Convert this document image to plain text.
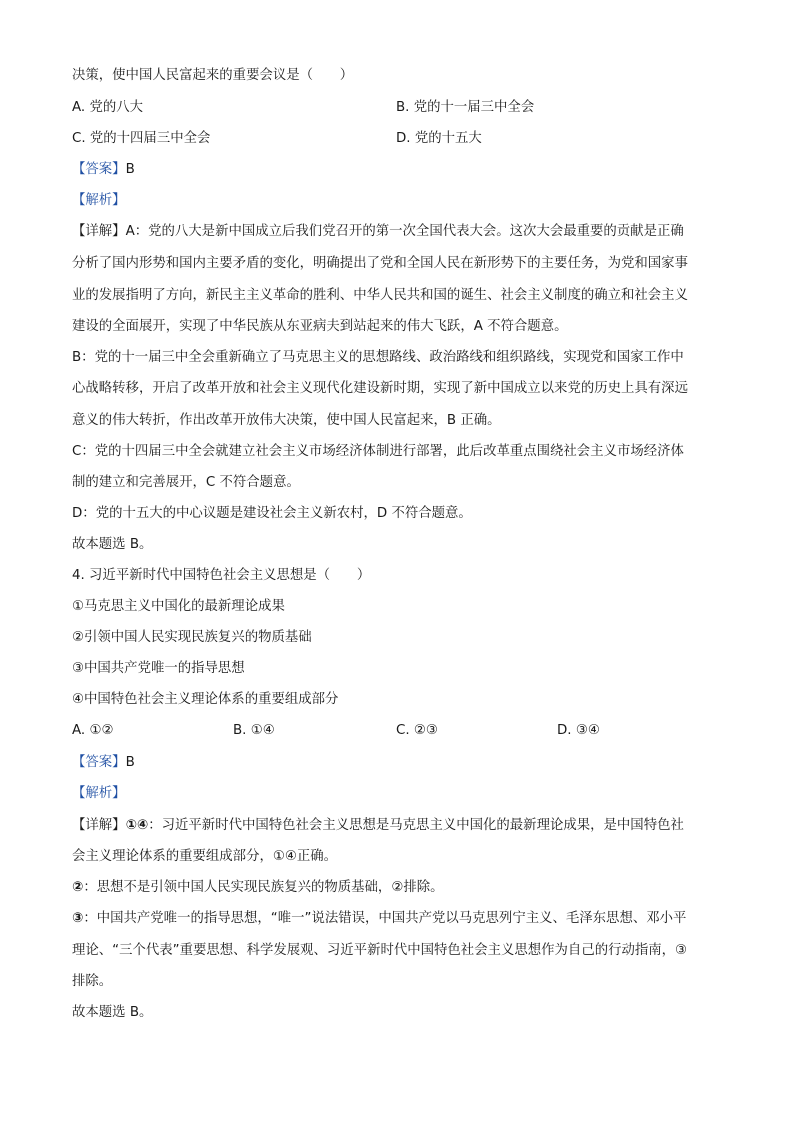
决策，使中国人民富起来的重要会议是（　　）
A. 党的八大	B. 党的十一届三中全会
C. 党的十四届三中全会	D. 党的十五大
【答案】B
【解析】
【详解】A：党的八大是新中国成立后我们党召开的第一次全国代表大会。这次大会最重要的贡献是正确
分析了国内形势和国内主要矛盾的变化，明确提出了党和全国人民在新形势下的主要任务，为党和国家事
业的发展指明了方向，新民主主义革命的胜利、中华人民共和国的诞生、社会主义制度的确立和社会主义
建设的全面展开，实现了中华民族从东亚病夫到站起来的伟大飞跃，A 不符合题意。
B：党的十一届三中全会重新确立了马克思主义的思想路线、政治路线和组织路线，实现党和国家工作中
心战略转移，开启了改革开放和社会主义现代化建设新时期，实现了新中国成立以来党的历史上具有深远
意义的伟大转折，作出改革开放伟大决策，使中国人民富起来，B 正确。
C：党的十四届三中全会就建立社会主义市场经济体制进行部署，此后改革重点围绕社会主义市场经济体
制的建立和完善展开，C 不符合题意。
D：党的十五大的中心议题是建设社会主义新农村，D 不符合题意。
故本题选 B。
4. 习近平新时代中国特色社会主义思想是（　　）
①马克思主义中国化的最新理论成果
②引领中国人民实现民族复兴的物质基础
③中国共产党唯一的指导思想
④中国特色社会主义理论体系的重要组成部分
A. ①②	B. ①④	C. ②③	D. ③④
【答案】B
【解析】
【详解】①④：习近平新时代中国特色社会主义思想是马克思主义中国化的最新理论成果，是中国特色社
会主义理论体系的重要组成部分，①④正确。
②：思想不是引领中国人民实现民族复兴的物质基础，②排除。
③：中国共产党唯一的指导思想，“唯一”说法错误，中国共产党以马克思列宁主义、毛泽东思想、邓小平
理论、“三个代表”重要思想、科学发展观、习近平新时代中国特色社会主义思想作为自己的行动指南，③
排除。
故本题选 B。
